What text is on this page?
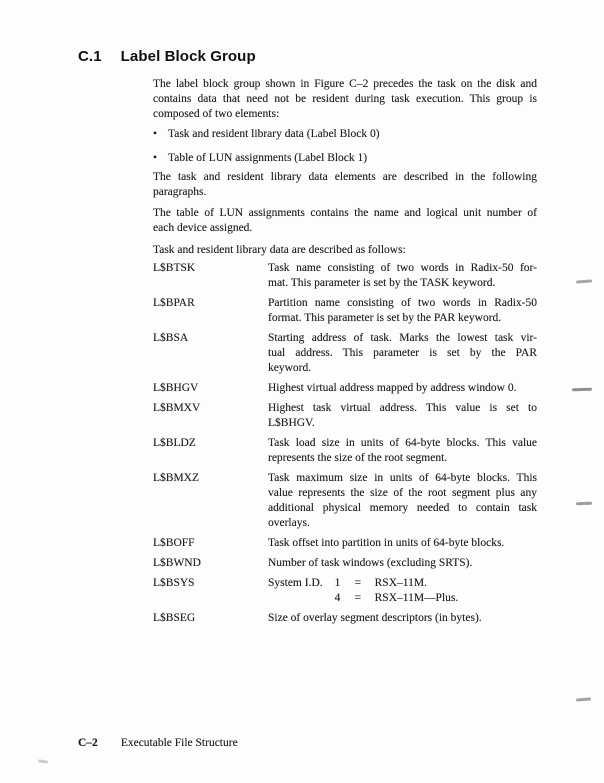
C.1 Label Block Group
The label block group shown in Figure C–2 precedes the task on the disk and
contains data that need not be resident during task execution. This group is
composed of two elements:
• Task and resident library data (Label Block 0)
• Table of LUN assignments (Label Block 1)
The task and resident library data elements are described in the following
paragraphs.
The table of LUN assignments contains the name and logical unit number of
each device assigned.
Task and resident library data are described as follows:
L$BTSK	Task name consisting of two words in Radix-50 for-
mat. This parameter is set by the TASK keyword.
L$BPAR	Partition name consisting of two words in Radix-50
format. This parameter is set by the PAR keyword.
L$BSA	Starting address of task. Marks the lowest task vir-
tual address. This parameter is set by the PAR
keyword.
L$BHGV	Highest virtual address mapped by address window 0.
L$BMXV	Highest task virtual address. This value is set to
L$BHGV.
L$BLDZ	Task load size in units of 64-byte blocks. This value
represents the size of the root segment.
L$BMXZ	Task maximum size in units of 64-byte blocks. This
value represents the size of the root segment plus any
additional physical memory needed to contain task
overlays.
L$BOFF	Task offset into partition in units of 64-byte blocks.
L$BWND	Number of task windows (excluding SRTS).
L$BSYS	System I.D. 1 = RSX–11M.
4 = RSX–11M—Plus.
L$BSEG	Size of overlay segment descriptors (in bytes).
C–2 Executable File Structure
